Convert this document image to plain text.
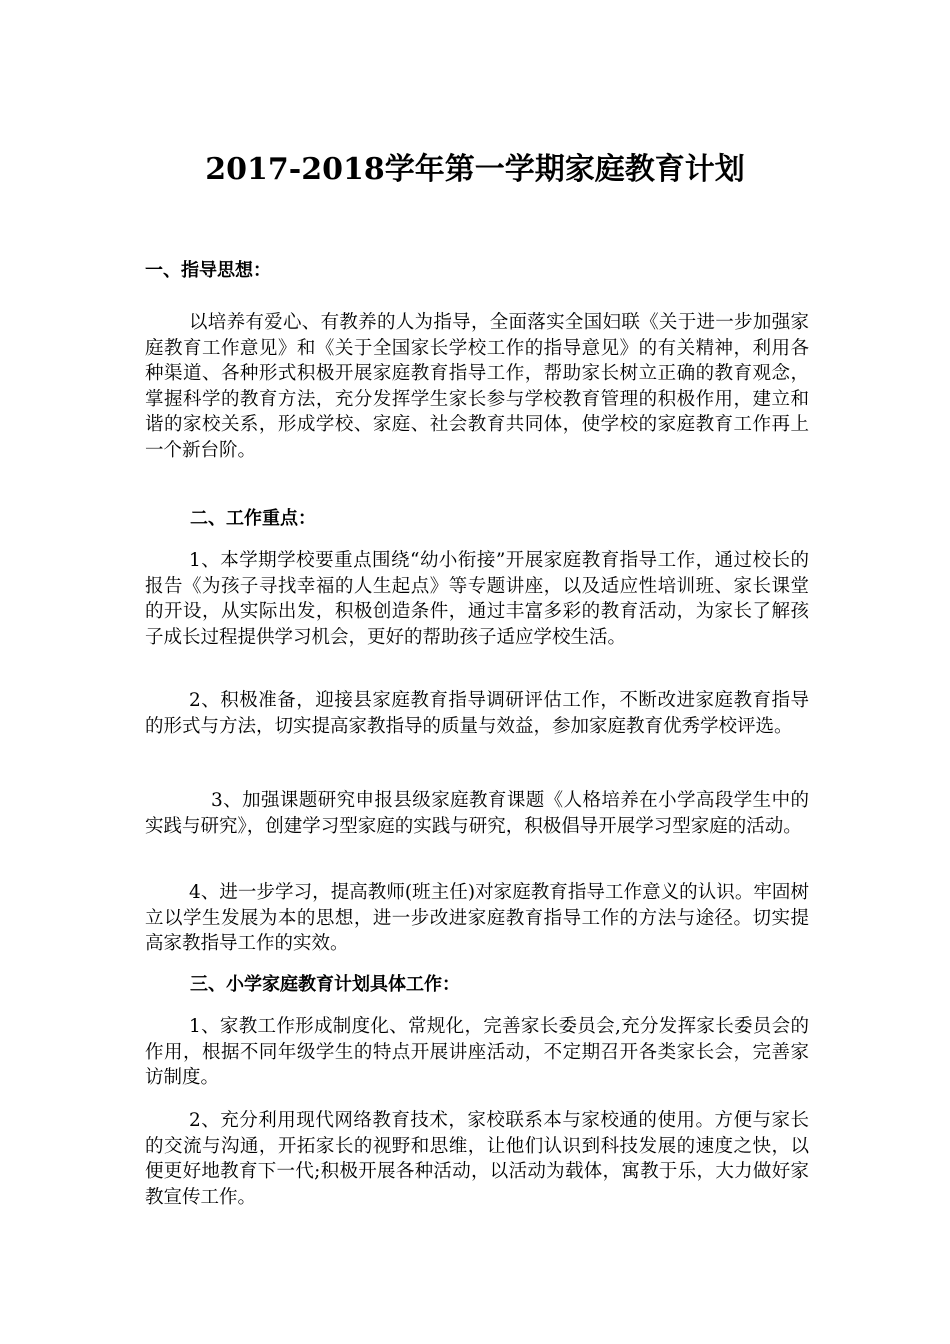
2017-2018学年第一学期家庭教育计划
一、指导思想：

以培养有爱心、有教养的人为指导，全面落实全国妇联《关于进一步加强家庭教育工作意见》和《关于全国家长学校工作的指导意见》的有关精神，利用各种渠道、各种形式积极开展家庭教育指导工作，帮助家长树立正确的教育观念，掌握科学的教育方法，充分发挥学生家长参与学校教育管理的积极作用，建立和谐的家校关系，形成学校、家庭、社会教育共同体，使学校的家庭教育工作再上一个新台阶。

二、工作重点：

1、本学期学校要重点围绕“幼小衔接”开展家庭教育指导工作，通过校长的报告《为孩子寻找幸福的人生起点》等专题讲座，以及适应性培训班、家长课堂的开设，从实际出发，积极创造条件，通过丰富多彩的教育活动，为家长了解孩子成长过程提供学习机会，更好的帮助孩子适应学校生活。

2、积极准备，迎接县家庭教育指导调研评估工作，不断改进家庭教育指导的形式与方法，切实提高家教指导的质量与效益，参加家庭教育优秀学校评选。

3、加强课题研究申报县级家庭教育课题《人格培养在小学高段学生中的实践与研究》，创建学习型家庭的实践与研究，积极倡导开展学习型家庭的活动。

4、进一步学习，提高教师(班主任)对家庭教育指导工作意义的认识。牢固树立以学生发展为本的思想，进一步改进家庭教育指导工作的方法与途径。切实提高家教指导工作的实效。

三、小学家庭教育计划具体工作：

1、家教工作形成制度化、常规化，完善家长委员会,充分发挥家长委员会的作用，根据不同年级学生的特点开展讲座活动，不定期召开各类家长会，完善家访制度。

2、充分利用现代网络教育技术，家校联系本与家校通的使用。方便与家长的交流与沟通，开拓家长的视野和思维，让他们认识到科技发展的速度之快，以便更好地教育下一代;积极开展各种活动，以活动为载体，寓教于乐，大力做好家教宣传工作。
